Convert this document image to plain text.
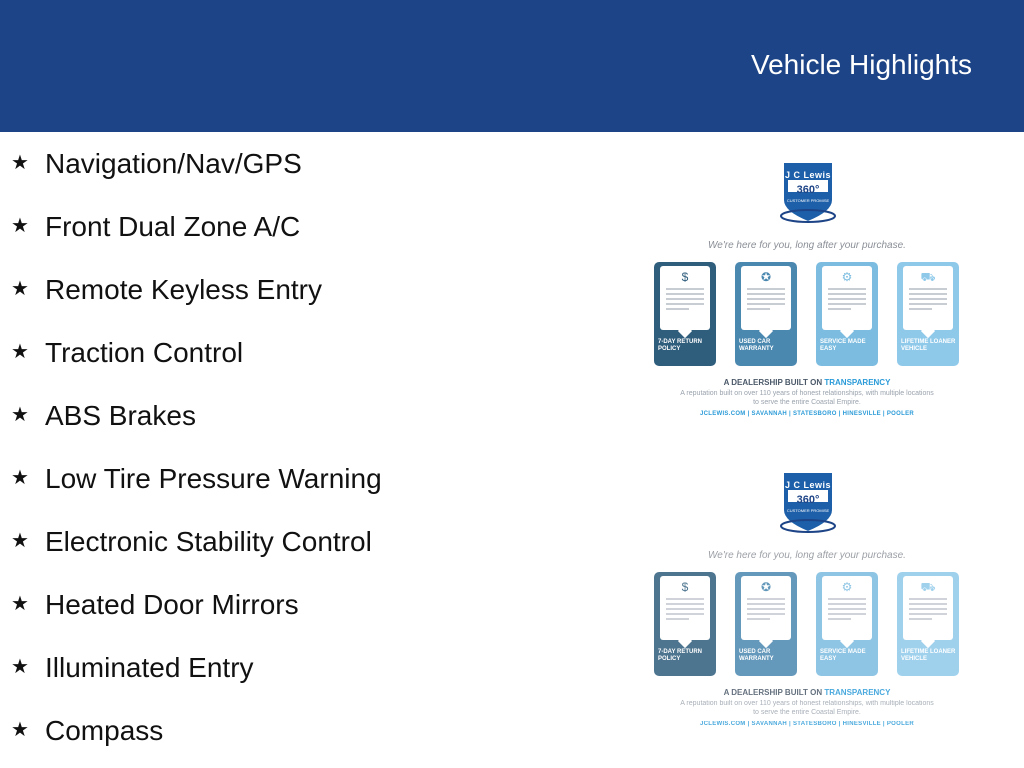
Vehicle Highlights
★ Navigation/Nav/GPS
★ Front Dual Zone A/C
★ Remote Keyless Entry
★ Traction Control
★ ABS Brakes
★ Low Tire Pressure Warning
★ Electronic Stability Control
★ Heated Door Mirrors
★ Illuminated Entry
★ Compass
J C Lewis
360°
CUSTOMER PROMISE
We're here for you, long after your purchase.
$
7-DAY RETURN POLICY
✪
USED CAR WARRANTY
⚙
SERVICE MADE EASY
⛟
LIFETIME LOANER VEHICLE
A DEALERSHIP BUILT ON TRANSPARENCY
A reputation built on over 110 years of honest relationships, with multiple locations to serve the entire Coastal Empire.
JCLEWIS.COM | SAVANNAH | STATESBORO | HINESVILLE | POOLER
J C Lewis
360°
CUSTOMER PROMISE
We're here for you, long after your purchase.
$
7-DAY RETURN POLICY
✪
USED CAR WARRANTY
⚙
SERVICE MADE EASY
⛟
LIFETIME LOANER VEHICLE
A DEALERSHIP BUILT ON TRANSPARENCY
A reputation built on over 110 years of honest relationships, with multiple locations to serve the entire Coastal Empire.
JCLEWIS.COM | SAVANNAH | STATESBORO | HINESVILLE | POOLER
